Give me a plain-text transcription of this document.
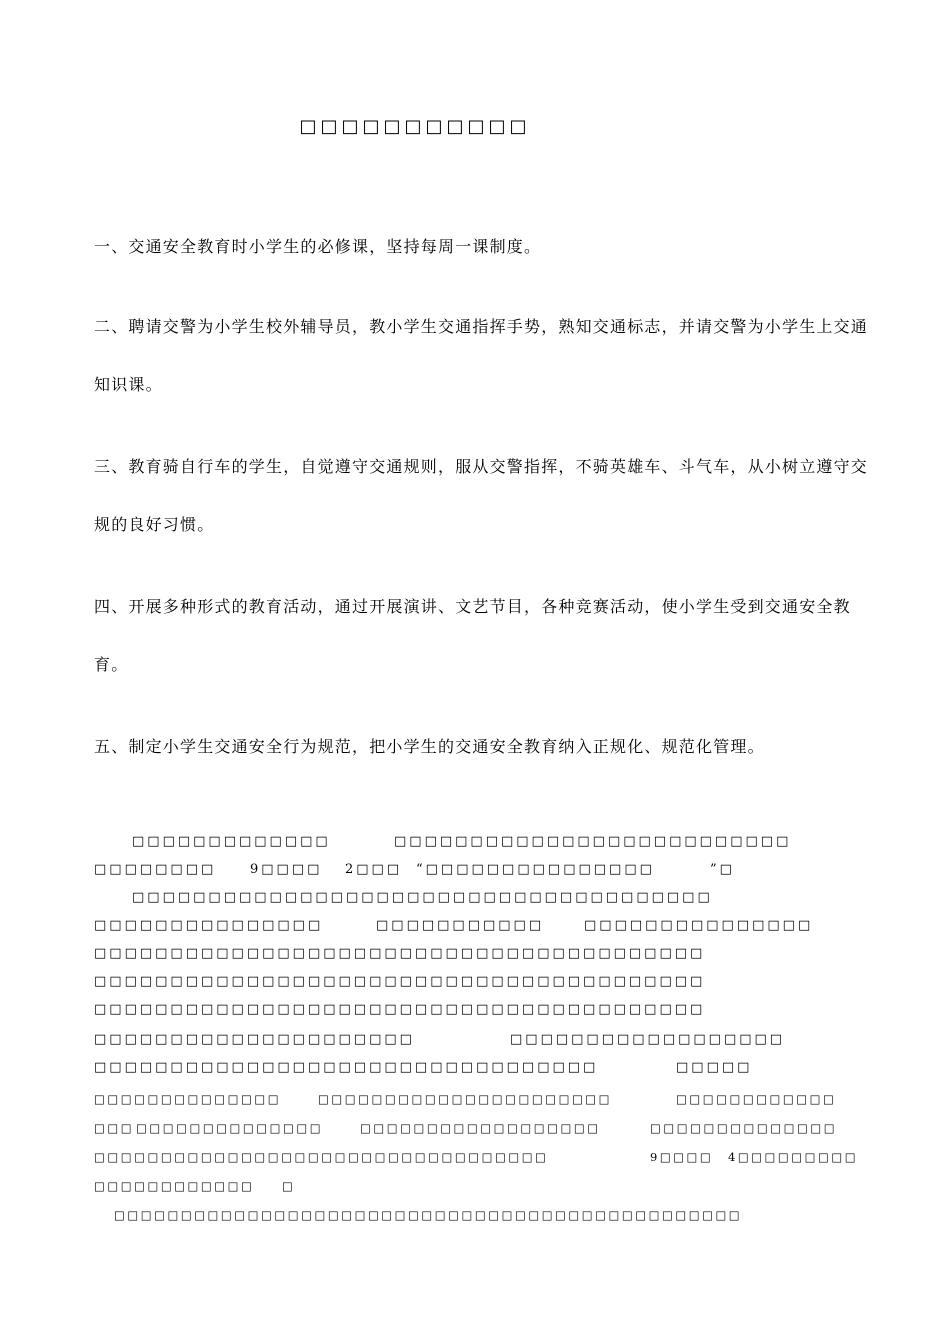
□□□□□□□□□□□
一、交通安全教育时小学生的必修课，坚持每周一课制度。
二、聘请交警为小学生校外辅导员，教小学生交通指挥手势，熟知交通标志，并请交警为小学生上交通知识课。
三、教育骑自行车的学生，自觉遵守交通规则，服从交警指挥，不骑英雄车、斗气车，从小树立遵守交规的良好习惯。
四、开展多种形式的教育活动，通过开展演讲、文艺节目，各种竞赛活动，使小学生受到交通安全教育。
五、制定小学生交通安全行为规范，把小学生的交通安全教育纳入正规化、规范化管理。
□□□□□□□□□□□□□	□□□□□□□□□□□□□□□□□□□□□□□□□□
□□□□□□□□	9□□□□ 2□□□ “□□□□□□□□□□□□□□□	”□
□□□□□□□□□□□□□□□□□□□□□□□□□□□□□□□□□□□□□□
□□□□□□□□□□□□□□□	□□□□□□□□□□□	□□□□□□□□□□□□□□□
□□□□□□□□□□□□□□□□□□□□□□□□□□□□□□□□□□□□□□□□
□□□□□□□□□□□□□□□□□□□□□□□□□□□□□□□□□□□□□□□□
□□□□□□□□□□□□□□□□□□□□□□□□□□□□□□□□□□□□□□□□
□□□□□□□□□□□□□□□□□□□□□	□□□□□□□□□□□□□□□□□□
□□□□□□□□□□□□□□□□□□□□□□□□□□□□□□□□□	□□□□□
□□□□□□□□□□□□□□	□□□□□□□□□□□□□□□□□□□□□□	□□□□□□□□□□□□
□□□ □□□□□□□□□□□□□□	□□□□□□□□□□□□□□□□□□	□□□□□□□□□□□□□□
□□□□□□□□□□□□□□□□□□□□□□□□□□□□□□□□□□	9□□□□ 4□□□□□□□□□
□□□□□□□□□□□□ □
□□□□□□□□□□□□□□□□□□□□□□□□□□□□□□□□□□□□□□□□□□□□□□□
